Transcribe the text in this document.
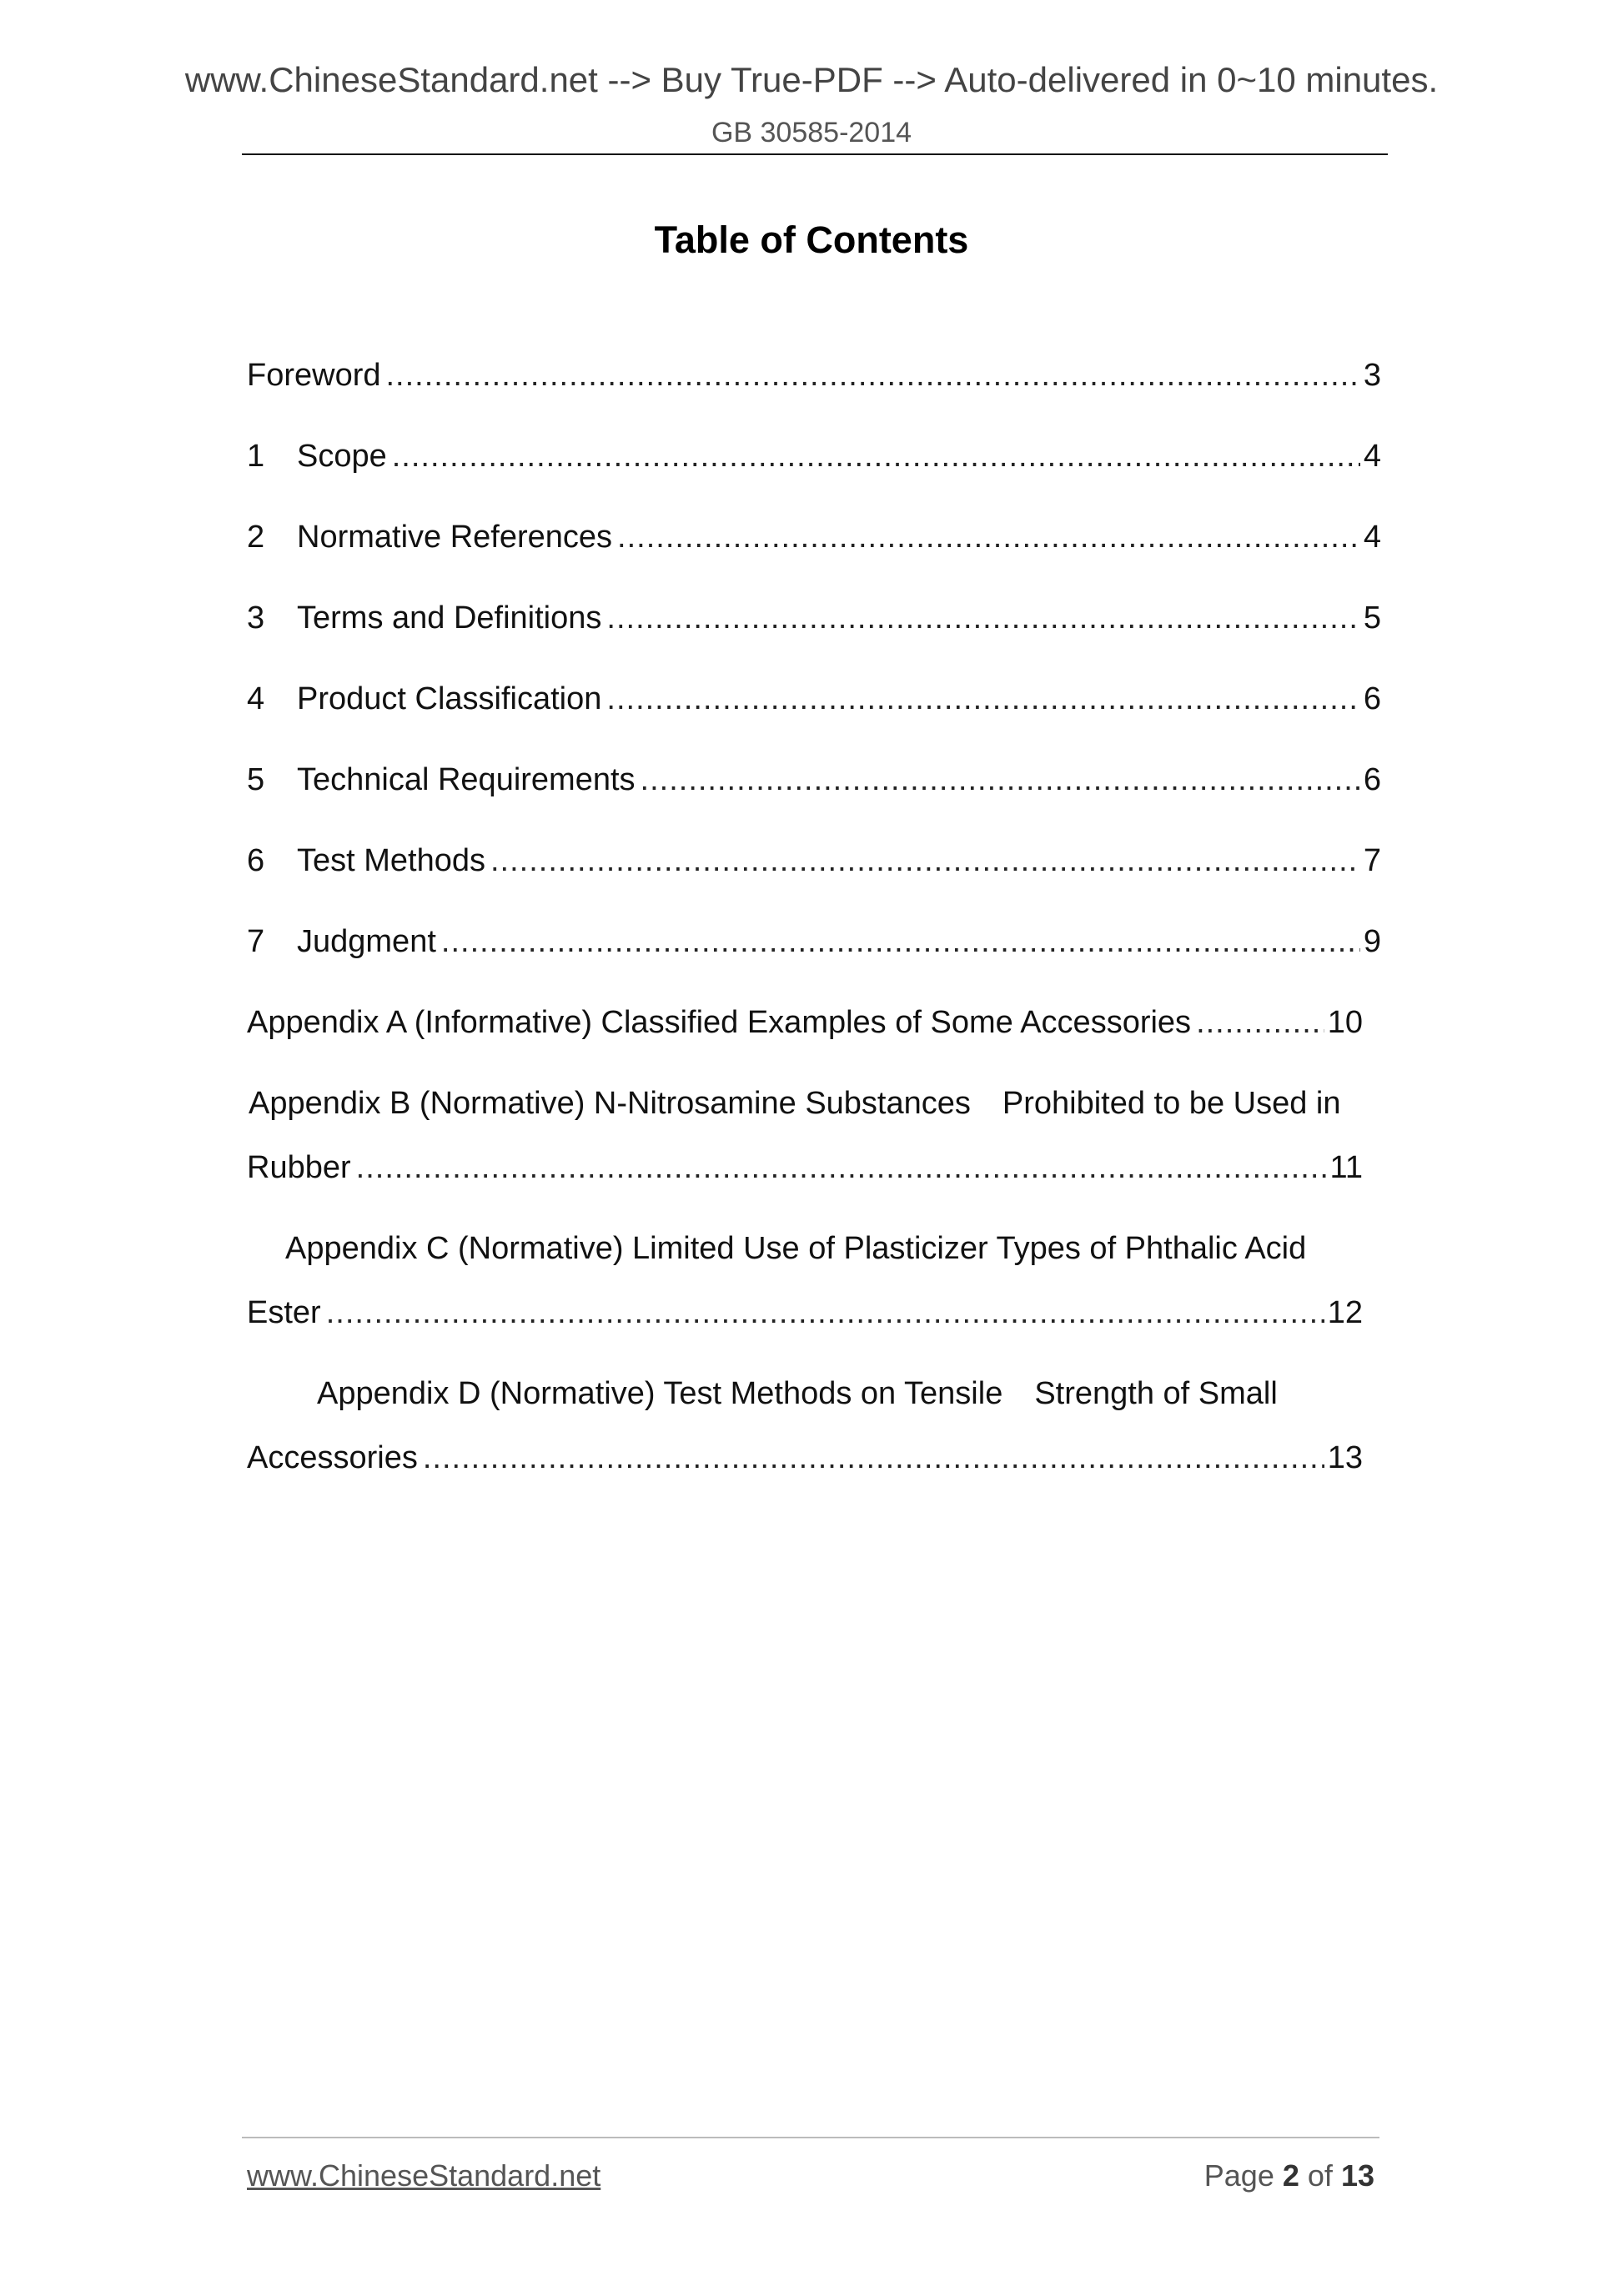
www.ChineseStandard.net --> Buy True-PDF --> Auto-delivered in 0~10 minutes.
GB 30585-2014
Table of Contents
Foreword .....	3
1	Scope .....	4
2	Normative References .....	4
3	Terms and Definitions .....	5
4	Product Classification .....	6
5	Technical Requirements .....	6
6	Test Methods .....	7
7	Judgment .....	9
Appendix A (Informative) Classified Examples of Some Accessories .....	10
Appendix B (Normative) N-Nitrosamine Substances　Prohibited to be Used in
Rubber .....	11
Appendix C (Normative) Limited Use of Plasticizer Types of Phthalic Acid
Ester .....	12
Appendix D (Normative) Test Methods on Tensile　Strength of Small
Accessories .....	13
www.ChineseStandard.net	Page 2 of 13
